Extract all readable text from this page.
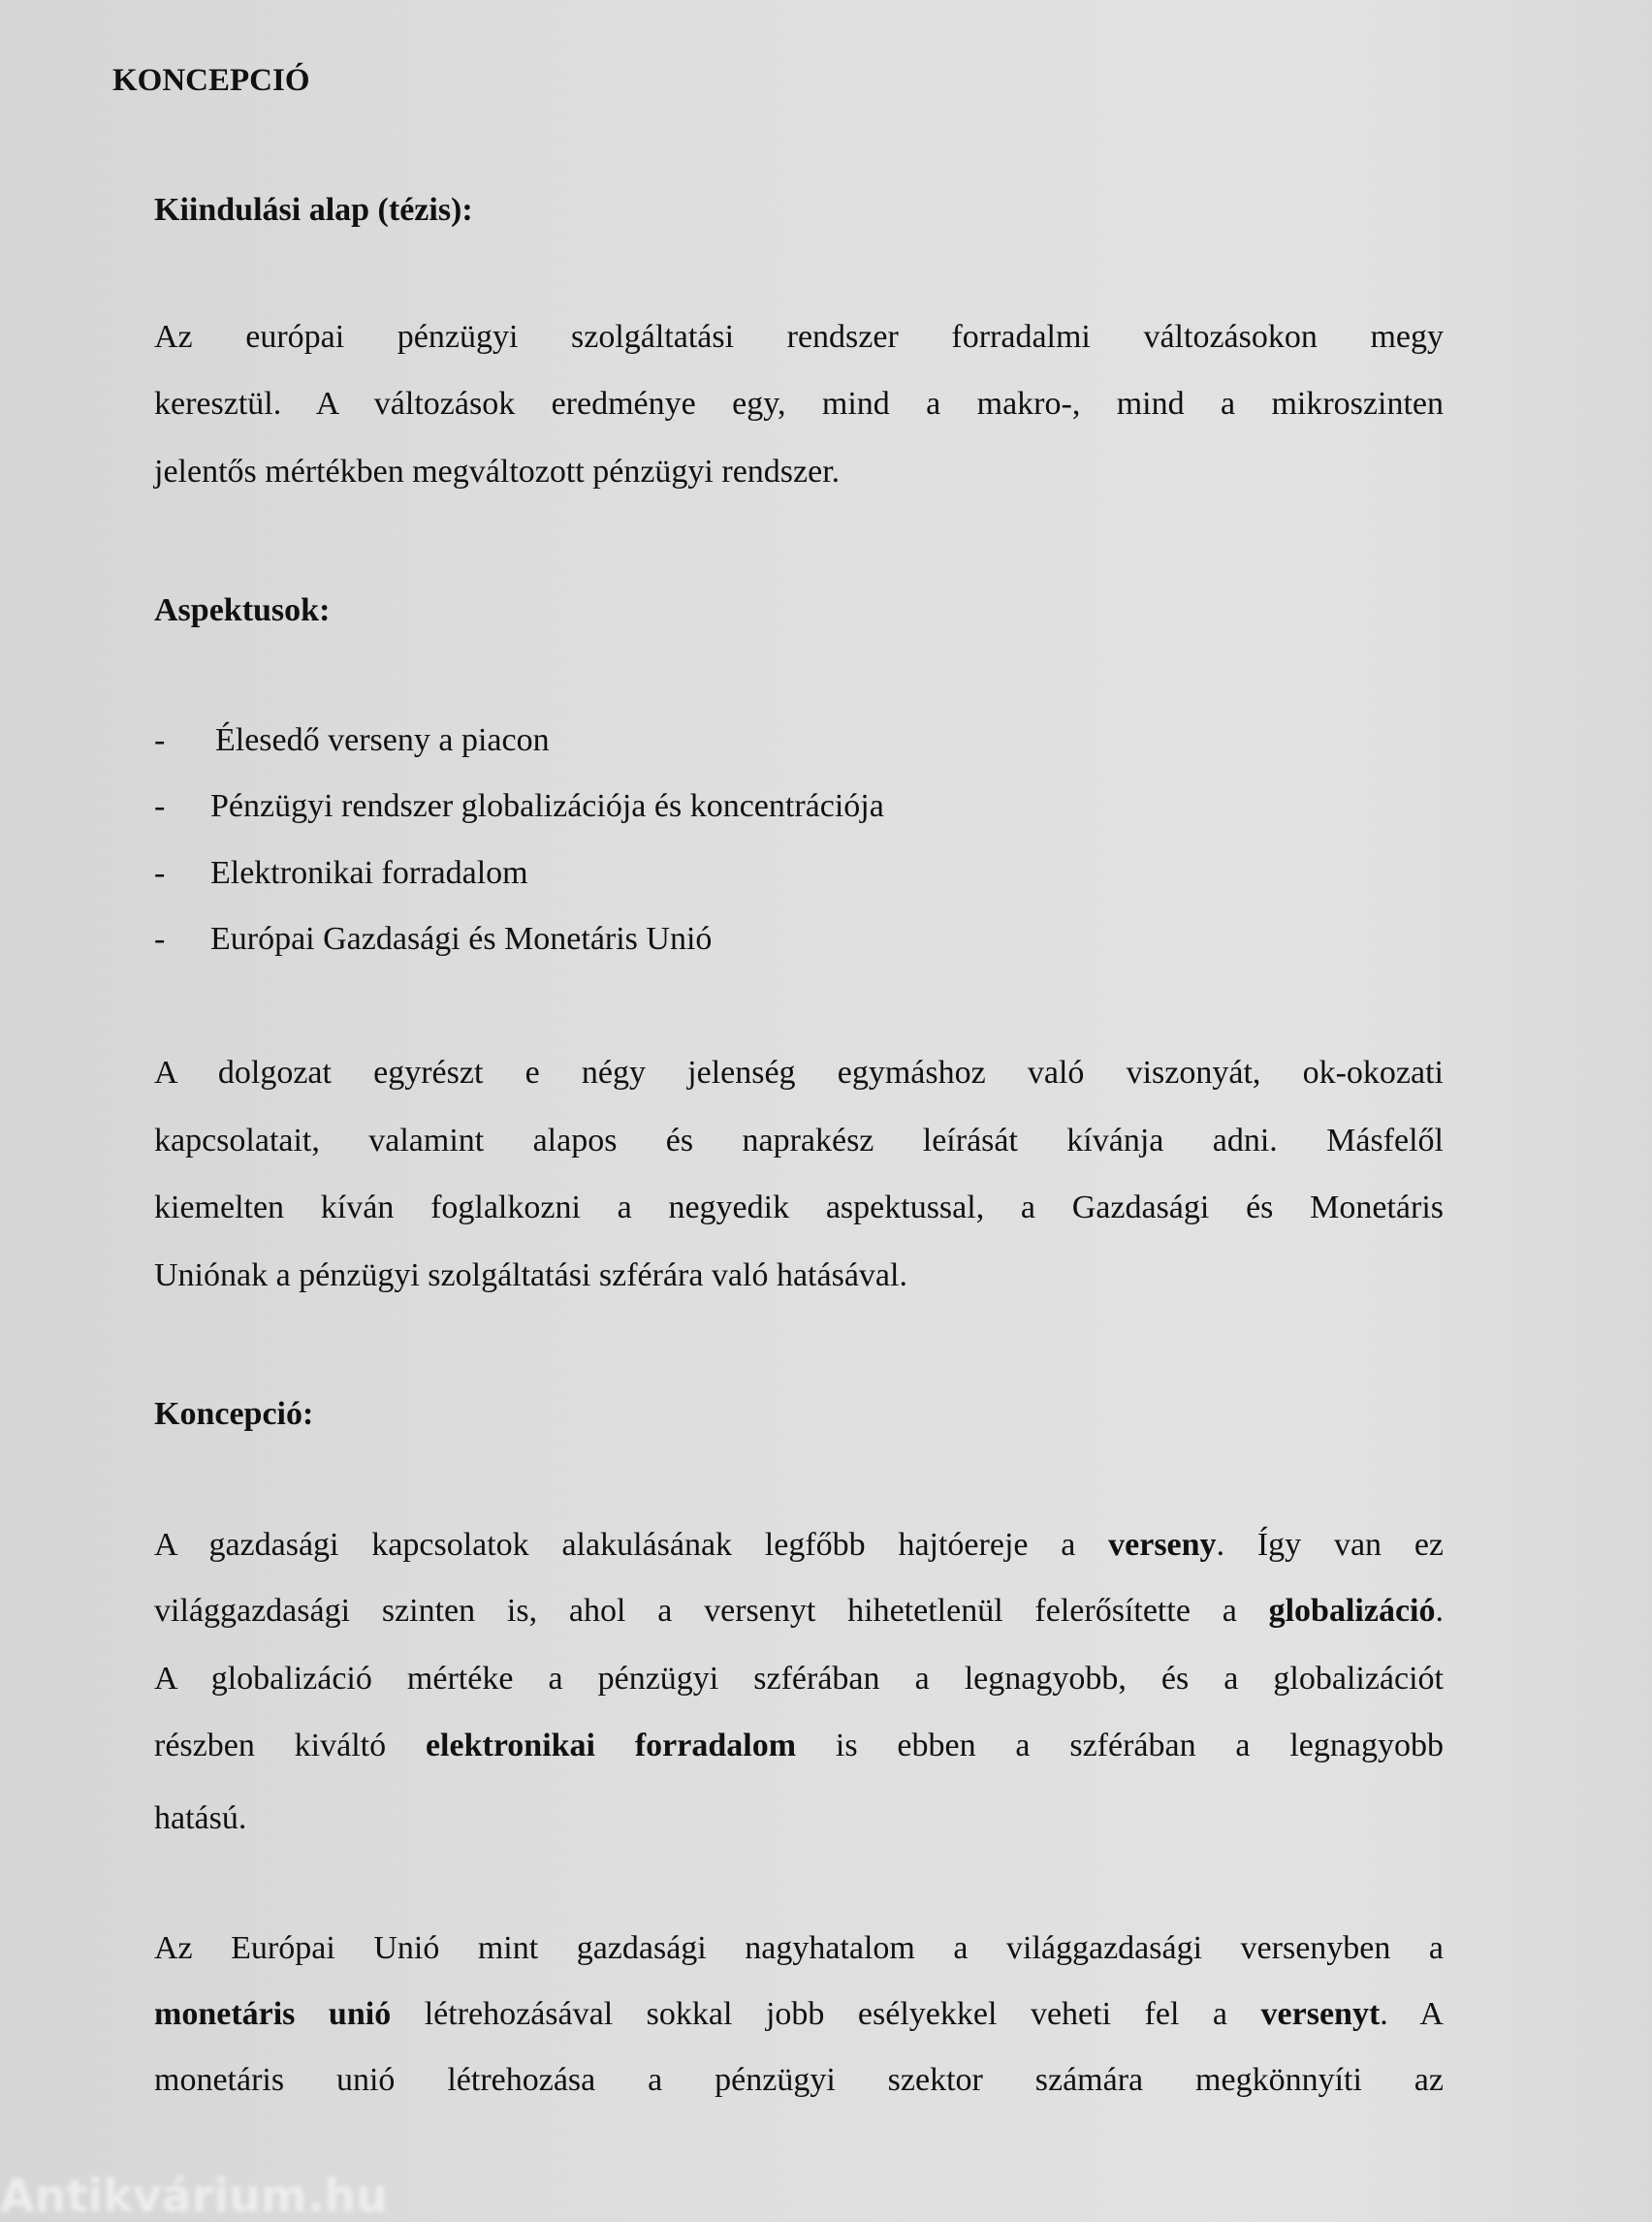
KONCEPCIÓ
Kiindulási alap (tézis):
Az európai pénzügyi szolgáltatási rendszer forradalmi változásokon megy
keresztül. A változások eredménye egy, mind a makro-, mind a mikroszinten
jelentős mértékben megváltozott pénzügyi rendszer.
Aspektusok:
- Élesedő verseny a piacon
- Pénzügyi rendszer globalizációja és koncentrációja
- Elektronikai forradalom
- Európai Gazdasági és Monetáris Unió
A dolgozat egyrészt e négy jelenség egymáshoz való viszonyát, ok-okozati
kapcsolatait, valamint alapos és naprakész leírását kívánja adni. Másfelől
kiemelten kíván foglalkozni a negyedik aspektussal, a Gazdasági és Monetáris
Uniónak a pénzügyi szolgáltatási szférára való hatásával.
Koncepció:
A gazdasági kapcsolatok alakulásának legfőbb hajtóereje a verseny. Így van ez
világgazdasági szinten is, ahol a versenyt hihetetlenül felerősítette a globalizáció.
A globalizáció mértéke a pénzügyi szférában a legnagyobb, és a globalizációt
részben kiváltó elektronikai forradalom is ebben a szférában a legnagyobb
hatású.
Az Európai Unió mint gazdasági nagyhatalom a világgazdasági versenyben a
monetáris unió létrehozásával sokkal jobb esélyekkel veheti fel a versenyt. A
monetáris unió létrehozása a pénzügyi szektor számára megkönnyíti az
Antikvárium.hu
